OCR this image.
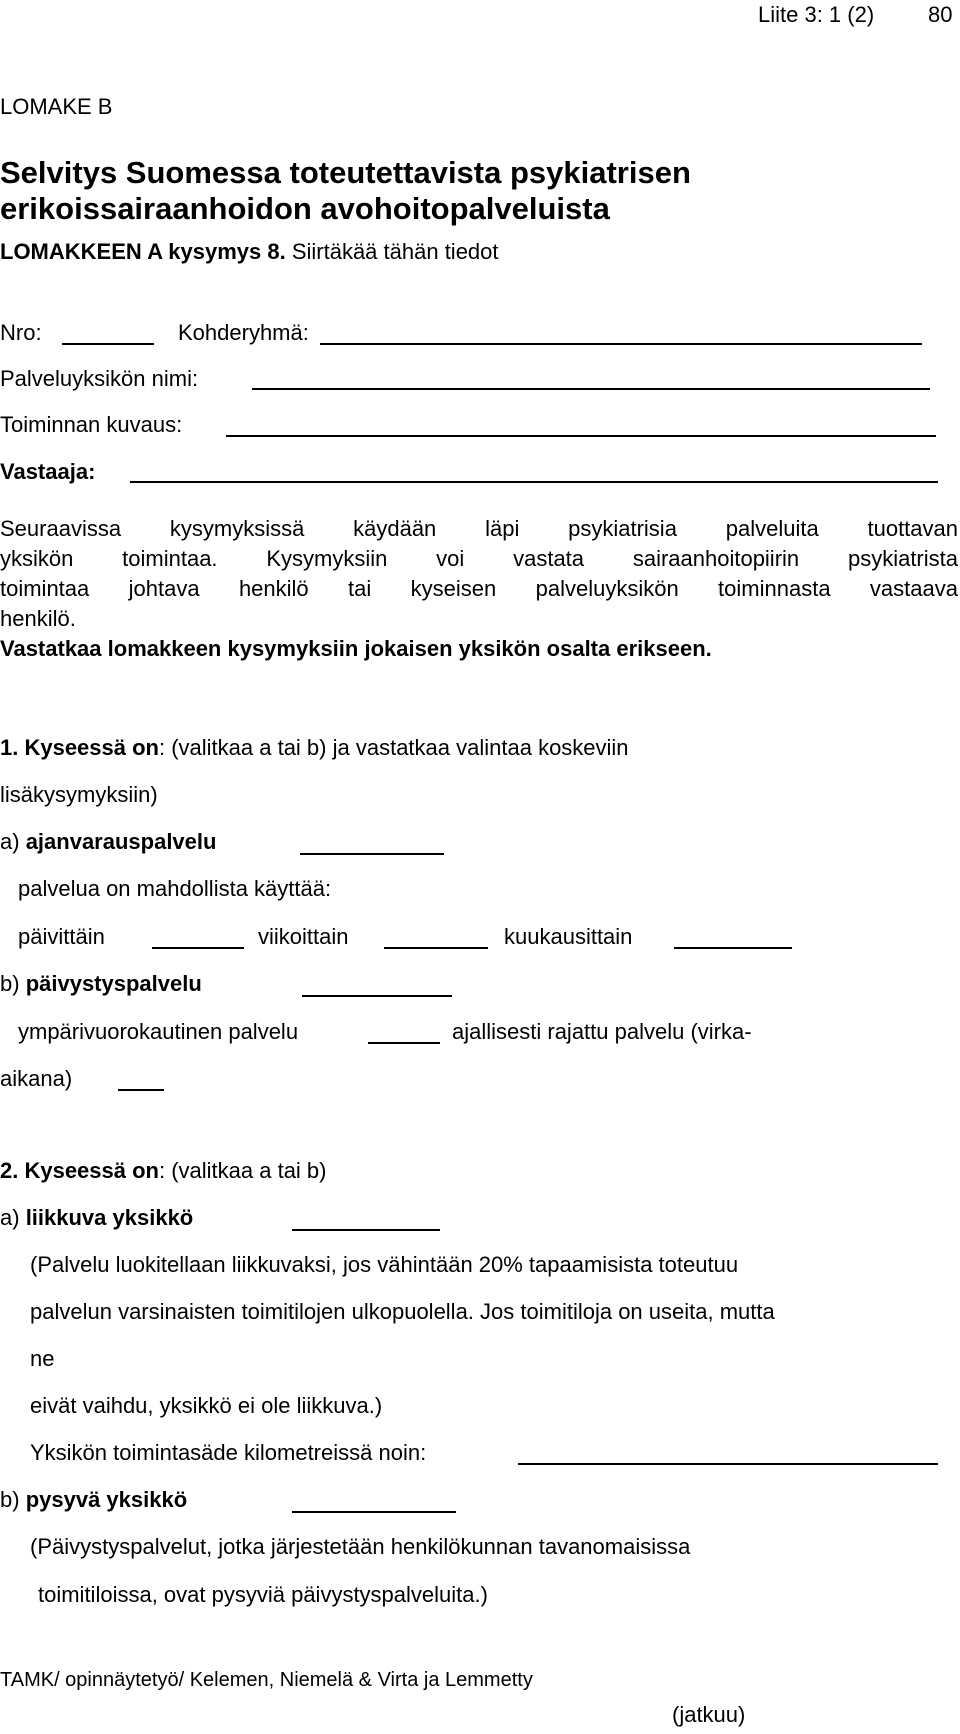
Liite 3: 1 (2) 80
LOMAKE B
Selvitys Suomessa toteutettavista psykiatrisen
erikoissairaanhoidon avohoitopalveluista
LOMAKKEEN A kysymys 8. Siirtäkää tähän tiedot
Nro:	Kohderyhmä:
Palveluyksikön nimi:
Toiminnan kuvaus:
Vastaaja:
Seuraavissa kysymyksissä käydään läpi psykiatrisia palveluita tuottavan
yksikön toimintaa. Kysymyksiin voi vastata sairaanhoitopiirin psykiatrista
toimintaa johtava henkilö tai kyseisen palveluyksikön toiminnasta vastaava
henkilö.
Vastatkaa lomakkeen kysymyksiin jokaisen yksikön osalta erikseen.
1. Kyseessä on: (valitkaa a tai b) ja vastatkaa valintaa koskeviin
lisäkysymyksiin)
a) ajanvarauspalvelu
palvelua on mahdollista käyttää:
päivittäin	viikoittain	kuukausittain
b) päivystyspalvelu
ympärivuorokautinen palvelu	ajallisesti rajattu palvelu (virka-
aikana)
2. Kyseessä on: (valitkaa a tai b)
a) liikkuva yksikkö
(Palvelu luokitellaan liikkuvaksi, jos vähintään 20% tapaamisista toteutuu
palvelun varsinaisten toimitilojen ulkopuolella. Jos toimitiloja on useita, mutta
ne
eivät vaihdu, yksikkö ei ole liikkuva.)
Yksikön toimintasäde kilometreissä noin:
b) pysyvä yksikkö
(Päivystyspalvelut, jotka järjestetään henkilökunnan tavanomaisissa
toimitiloissa, ovat pysyviä päivystyspalveluita.)
TAMK/ opinnäytetyö/ Kelemen, Niemelä & Virta ja Lemmetty
(jatkuu)
